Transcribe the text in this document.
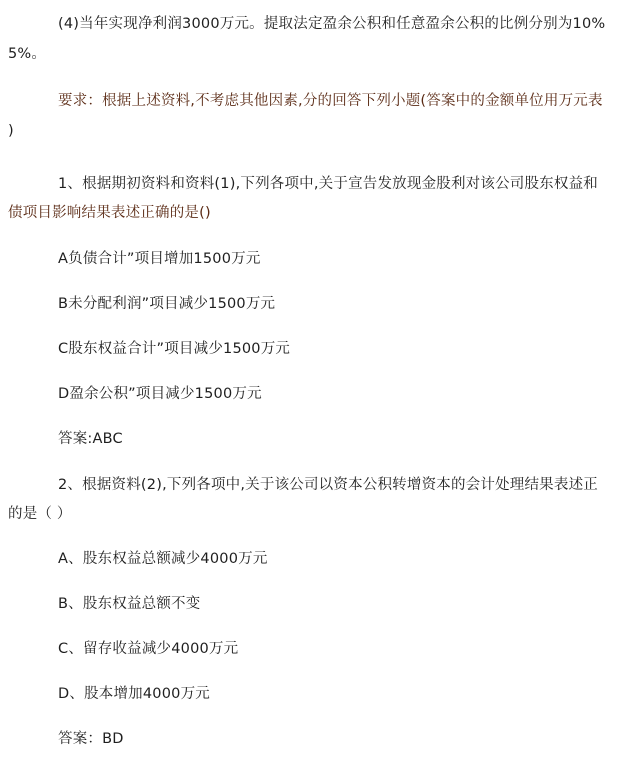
(4)当年实现净利润3000万元。提取法定盈余公积和任意盈余公积的比例分别为10%
5%。
要求：根据上述资料,不考虑其他因素,分的回答下列小题(答案中的金额单位用万元表
)
1、根据期初资料和资料(1),下列各项中,关于宣告发放现金股利对该公司股东权益和
债项目影响结果表述正确的是()
A负债合计”项目增加1500万元
B未分配利润”项目减少1500万元
C股东权益合计”项目减少1500万元
D盈余公积”项目减少1500万元
答案:ABC
2、根据资料(2),下列各项中,关于该公司以资本公积转增资本的会计处理结果表述正
的是（ ）
A、股东权益总额减少4000万元
B、股东权益总额不变
C、留存收益减少4000万元
D、股本增加4000万元
答案：BD
